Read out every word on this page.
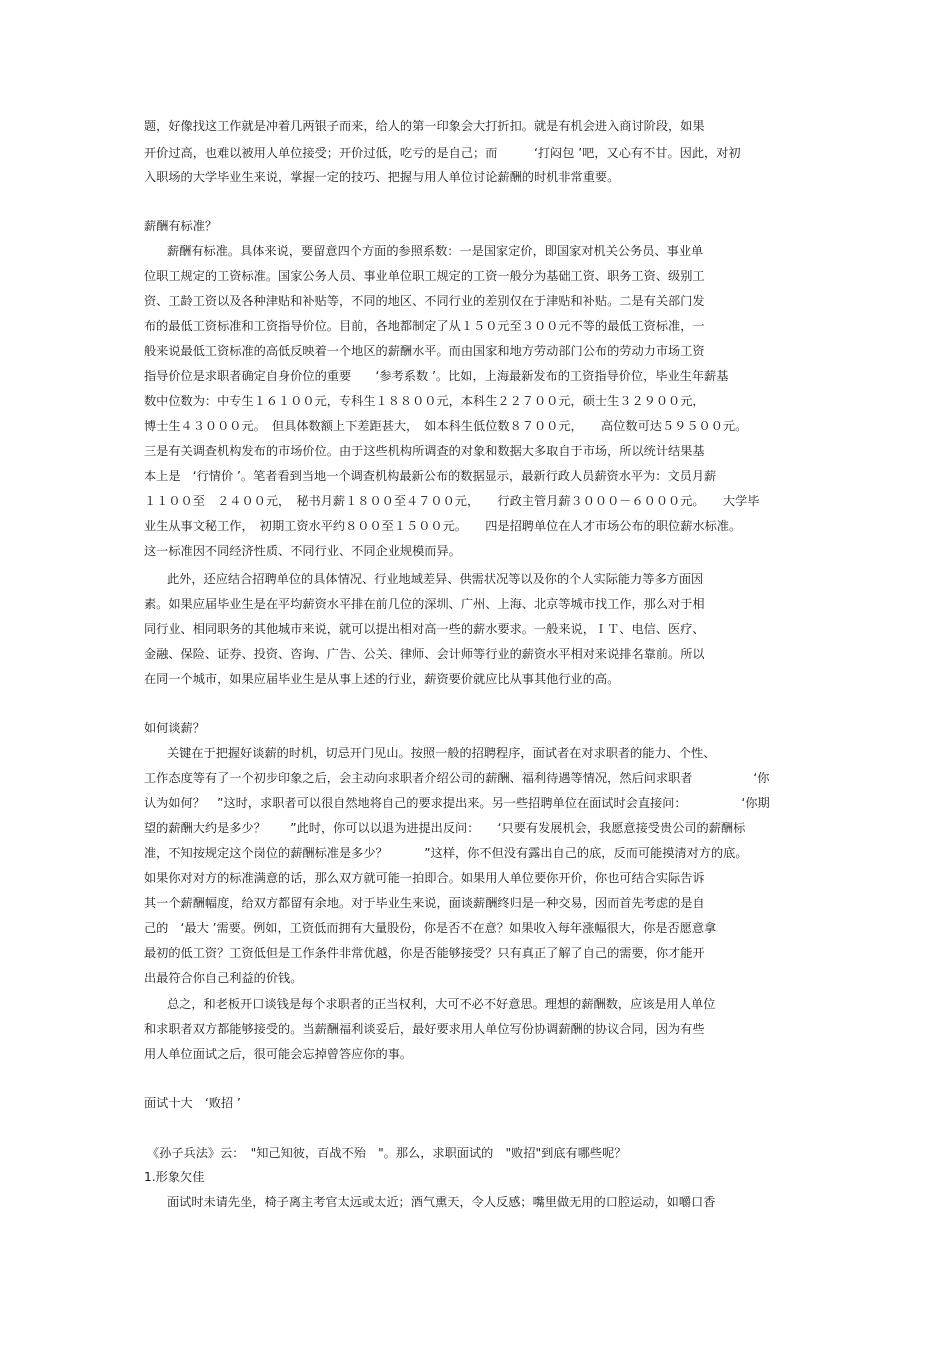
题，好像找这工作就是冲着几两银子而来，给人的第一印象会大打折扣。就是有机会进入商讨阶段，如果

开价过高，也难以被用人单位接受；开价过低，吃亏的是自己；而　　　‘打闷包 ’吧，又心有不甘。因此，对初

入职场的大学毕业生来说，掌握一定的技巧、把握与用人单位讨论薪酬的时机非常重要。

薪酬有标准？

薪酬有标准。具体来说，要留意四个方面的参照系数：一是国家定价，即国家对机关公务员、事业单

位职工规定的工资标准。国家公务人员、事业单位职工规定的工资一般分为基础工资、职务工资、级别工

资、工龄工资以及各种津贴和补贴等，不同的地区、不同行业的差别仅在于津贴和补贴。二是有关部门发

布的最低工资标准和工资指导价位。目前，各地都制定了从１５０元至３００元不等的最低工资标准，一

般来说最低工资标准的高低反映着一个地区的薪酬水平。而由国家和地方劳动部门公布的劳动力市场工资

指导价位是求职者确定自身价位的重要　　‘参考系数 ’。比如，上海最新发布的工资指导价位，毕业生年薪基

数中位数为：中专生１６１００元，专科生１８８００元，本科生２２７００元，硕士生３２９００元，

博士生４３０００元。　但具体数额上下差距甚大，　如本科生低位数８７００元，　　高位数可达５９５００元。

三是有关调查机构发布的市场价位。由于这些机构所调查的对象和数据大多取自于市场，所以统计结果基

本上是　‘行情价 ’。笔者看到当地一个调查机构最新公布的数据显示，最新行政人员薪资水平为：文员月薪

１１００至　２４００元，　秘书月薪１８００至４７００元，　　行政主管月薪３０００－６０００元。　　大学毕

业生从事文秘工作，　初期工资水平约８００至１５００元。　　四是招聘单位在人才市场公布的职位薪水标准。

这一标准因不同经济性质、不同行业、不同企业规模而异。

此外，还应结合招聘单位的具体情况、行业地域差异、供需状况等以及你的个人实际能力等多方面因

素。如果应届毕业生是在平均薪资水平排在前几位的深圳、广州、上海、北京等城市找工作，那么对于相

同行业、相同职务的其他城市来说，就可以提出相对高一些的薪水要求。一般来说，ＩＴ、电信、医疗、

金融、保险、证券、投资、咨询、广告、公关、律师、会计师等行业的薪资水平相对来说排名靠前。所以

在同一个城市，如果应届毕业生是从事上述的行业，薪资要价就应比从事其他行业的高。

如何谈薪？

关键在于把握好谈薪的时机，切忌开门见山。按照一般的招聘程序，面试者在对求职者的能力、个性、

工作态度等有了一个初步印象之后，会主动向求职者介绍公司的薪酬、福利待遇等情况，然后问求职者　　　　　‘你

认为如何？　”这时，求职者可以很自然地将自己的要求提出来。另一些招聘单位在面试时会直接问：　　　　　‘你期

望的薪酬大约是多少？　　”此时，你可以以退为进提出反问：　　‘只要有发展机会，我愿意接受贵公司的薪酬标

准，不知按规定这个岗位的薪酬标准是多少？　　　”这样，你不但没有露出自己的底，反而可能摸清对方的底。

如果你对对方的标准满意的话，那么双方就可能一拍即合。如果用人单位要你开价，你也可结合实际告诉

其一个薪酬幅度，给双方都留有余地。对于毕业生来说，面谈薪酬终归是一种交易，因而首先考虑的是自

己的　‘最大 ’需要。例如，工资低而拥有大量股份，你是否不在意？如果收入每年涨幅很大，你是否愿意拿

最初的低工资？工资低但是工作条件非常优越，你是否能够接受？只有真正了解了自己的需要，你才能开

出最符合你自己利益的价钱。

总之，和老板开口谈钱是每个求职者的正当权利，大可不必不好意思。理想的薪酬数，应该是用人单位

和求职者双方都能够接受的。当薪酬福利谈妥后，最好要求用人单位写份协调薪酬的协议合同，因为有些

用人单位面试之后，很可能会忘掉曾答应你的事。

面试十大　‘败招 ’

《孙子兵法》云：　"知己知彼，百战不殆　"。那么，求职面试的　"败招"到底有哪些呢？

1.形象欠佳

面试时未请先坐，椅子离主考官太远或太近；酒气熏天，令人反感；嘴里做无用的口腔运动，如嚼口香
